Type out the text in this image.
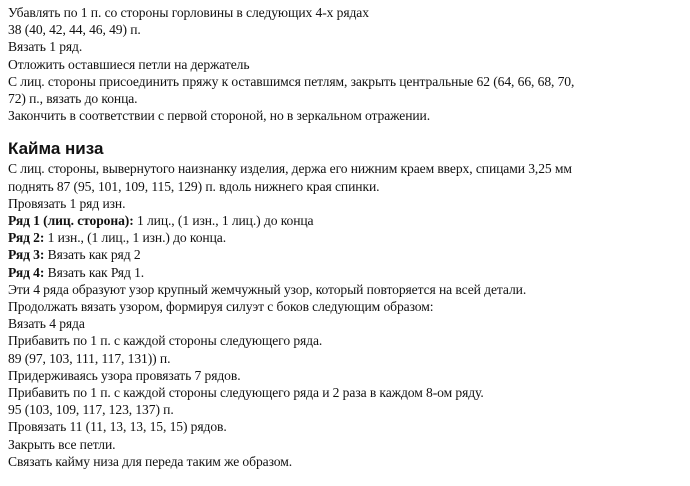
Убавлять по 1 п. со стороны горловины в следующих 4-х рядах
38 (40, 42, 44, 46, 49) п.
Вязать 1 ряд.
Отложить оставшиеся петли на держатель
С лиц. стороны присоединить пряжу к оставшимся петлям, закрыть центральные 62 (64, 66, 68, 70,
72) п., вязать до конца.
Закончить в соответствии с первой стороной, но в зеркальном отражении.
Кайма низа
С лиц. стороны, вывернутого наизнанку изделия, держа его нижним краем вверх, спицами 3,25 мм
поднять 87 (95, 101, 109, 115, 129) п. вдоль нижнего края спинки.
Провязать 1 ряд изн.
Ряд 1 (лиц. сторона): 1 лиц., (1 изн., 1 лиц.) до конца
Ряд 2: 1 изн., (1 лиц., 1 изн.) до конца.
Ряд 3: Вязать как ряд 2
Ряд 4: Вязать как Ряд 1.
Эти 4 ряда образуют узор крупный жемчужный узор, который повторяется на всей детали.
Продолжать вязать узором, формируя силуэт с боков следующим образом:
Вязать 4 ряда
Прибавить по 1 п. с каждой стороны следующего ряда.
89 (97, 103, 111, 117, 131)) п.
Придерживаясь узора провязать 7 рядов.
Прибавить по 1 п. с каждой стороны следующего ряда и 2 раза в каждом 8-ом ряду.
95 (103, 109, 117, 123, 137) п.
Провязать 11 (11, 13, 13, 15, 15) рядов.
Закрыть все петли.
Связать кайму низа для переда таким же образом.
